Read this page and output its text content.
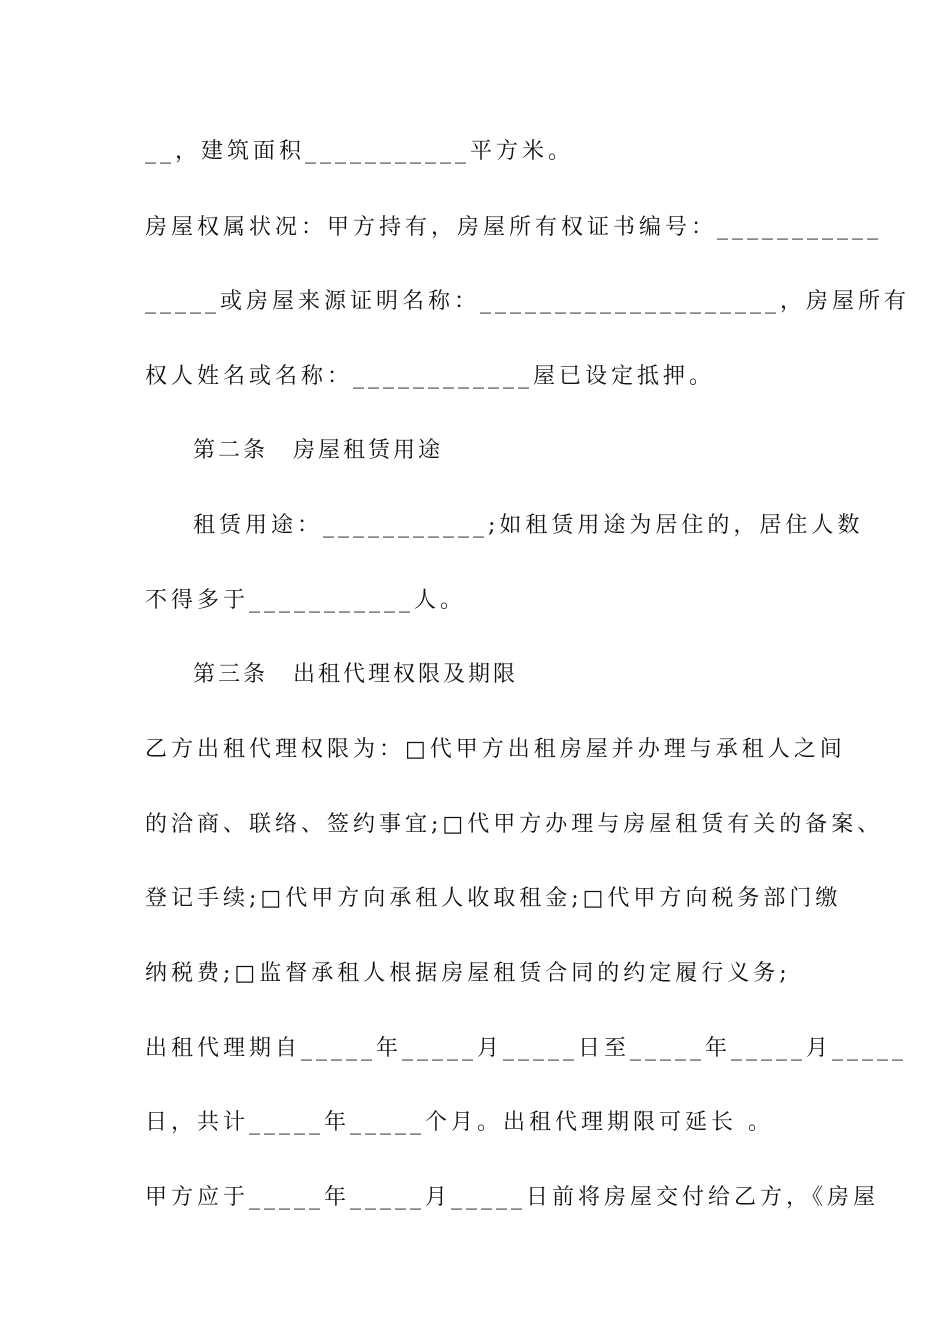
__，建筑面积___________平方米。
房屋权属状况：甲方持有，房屋所有权证书编号：___________
_____或房屋来源证明名称：____________________，房屋所有
权人姓名或名称：____________屋已设定抵押。
第二条　房屋租赁用途
租赁用途：___________;如租赁用途为居住的，居住人数
不得多于___________人。
第三条　出租代理权限及期限
乙方出租代理权限为：□代甲方出租房屋并办理与承租人之间
的洽商、联络、签约事宜;□代甲方办理与房屋租赁有关的备案、
登记手续;□代甲方向承租人收取租金;□代甲方向税务部门缴
纳税费;□监督承租人根据房屋租赁合同的约定履行义务;
出租代理期自_____年_____月_____日至_____年_____月_____
日，共计_____年_____个月。出租代理期限可延长 。
甲方应于_____年_____月_____日前将房屋交付给乙方，《房屋
